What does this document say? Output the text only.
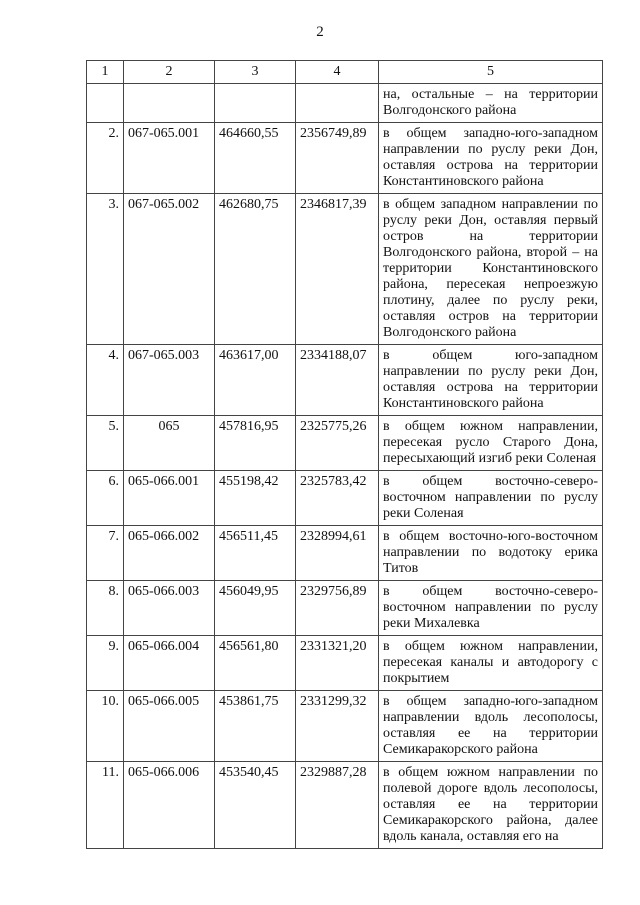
2
1	2	3	4	5
				на, остальные – на территории Волгодонского района
2.	067-065.001	464660,55	2356749,89	в общем западно-юго-западном направлении по руслу реки Дон, оставляя острова на территории Константиновского района
3.	067-065.002	462680,75	2346817,39	в общем западном направлении по руслу реки Дон, оставляя первый остров на территории Волгодонского района, второй – на территории Константиновского района, пересекая непроезжую плотину, далее по руслу реки, оставляя остров на территории Волгодонского района
4.	067-065.003	463617,00	2334188,07	в общем юго-западном направлении по руслу реки Дон, оставляя острова на территории Константиновского района
5.	065	457816,95	2325775,26	в общем южном направлении, пересекая русло Старого Дона, пересыхающий изгиб реки Соленая
6.	065-066.001	455198,42	2325783,42	в общем восточно-северо-восточном направлении по руслу реки Соленая
7.	065-066.002	456511,45	2328994,61	в общем восточно-юго-восточном направлении по водотоку ерика Титов
8.	065-066.003	456049,95	2329756,89	в общем восточно-северо-восточном направлении по руслу реки Михалевка
9.	065-066.004	456561,80	2331321,20	в общем южном направлении, пересекая каналы и автодорогу с покрытием
10.	065-066.005	453861,75	2331299,32	в общем западно-юго-западном направлении вдоль лесополосы, оставляя ее на территории Семикаракорского района
11.	065-066.006	453540,45	2329887,28	в общем южном направлении по полевой дороге вдоль лесополосы, оставляя ее на территории Семикаракорского района, далее вдоль канала, оставляя его на
